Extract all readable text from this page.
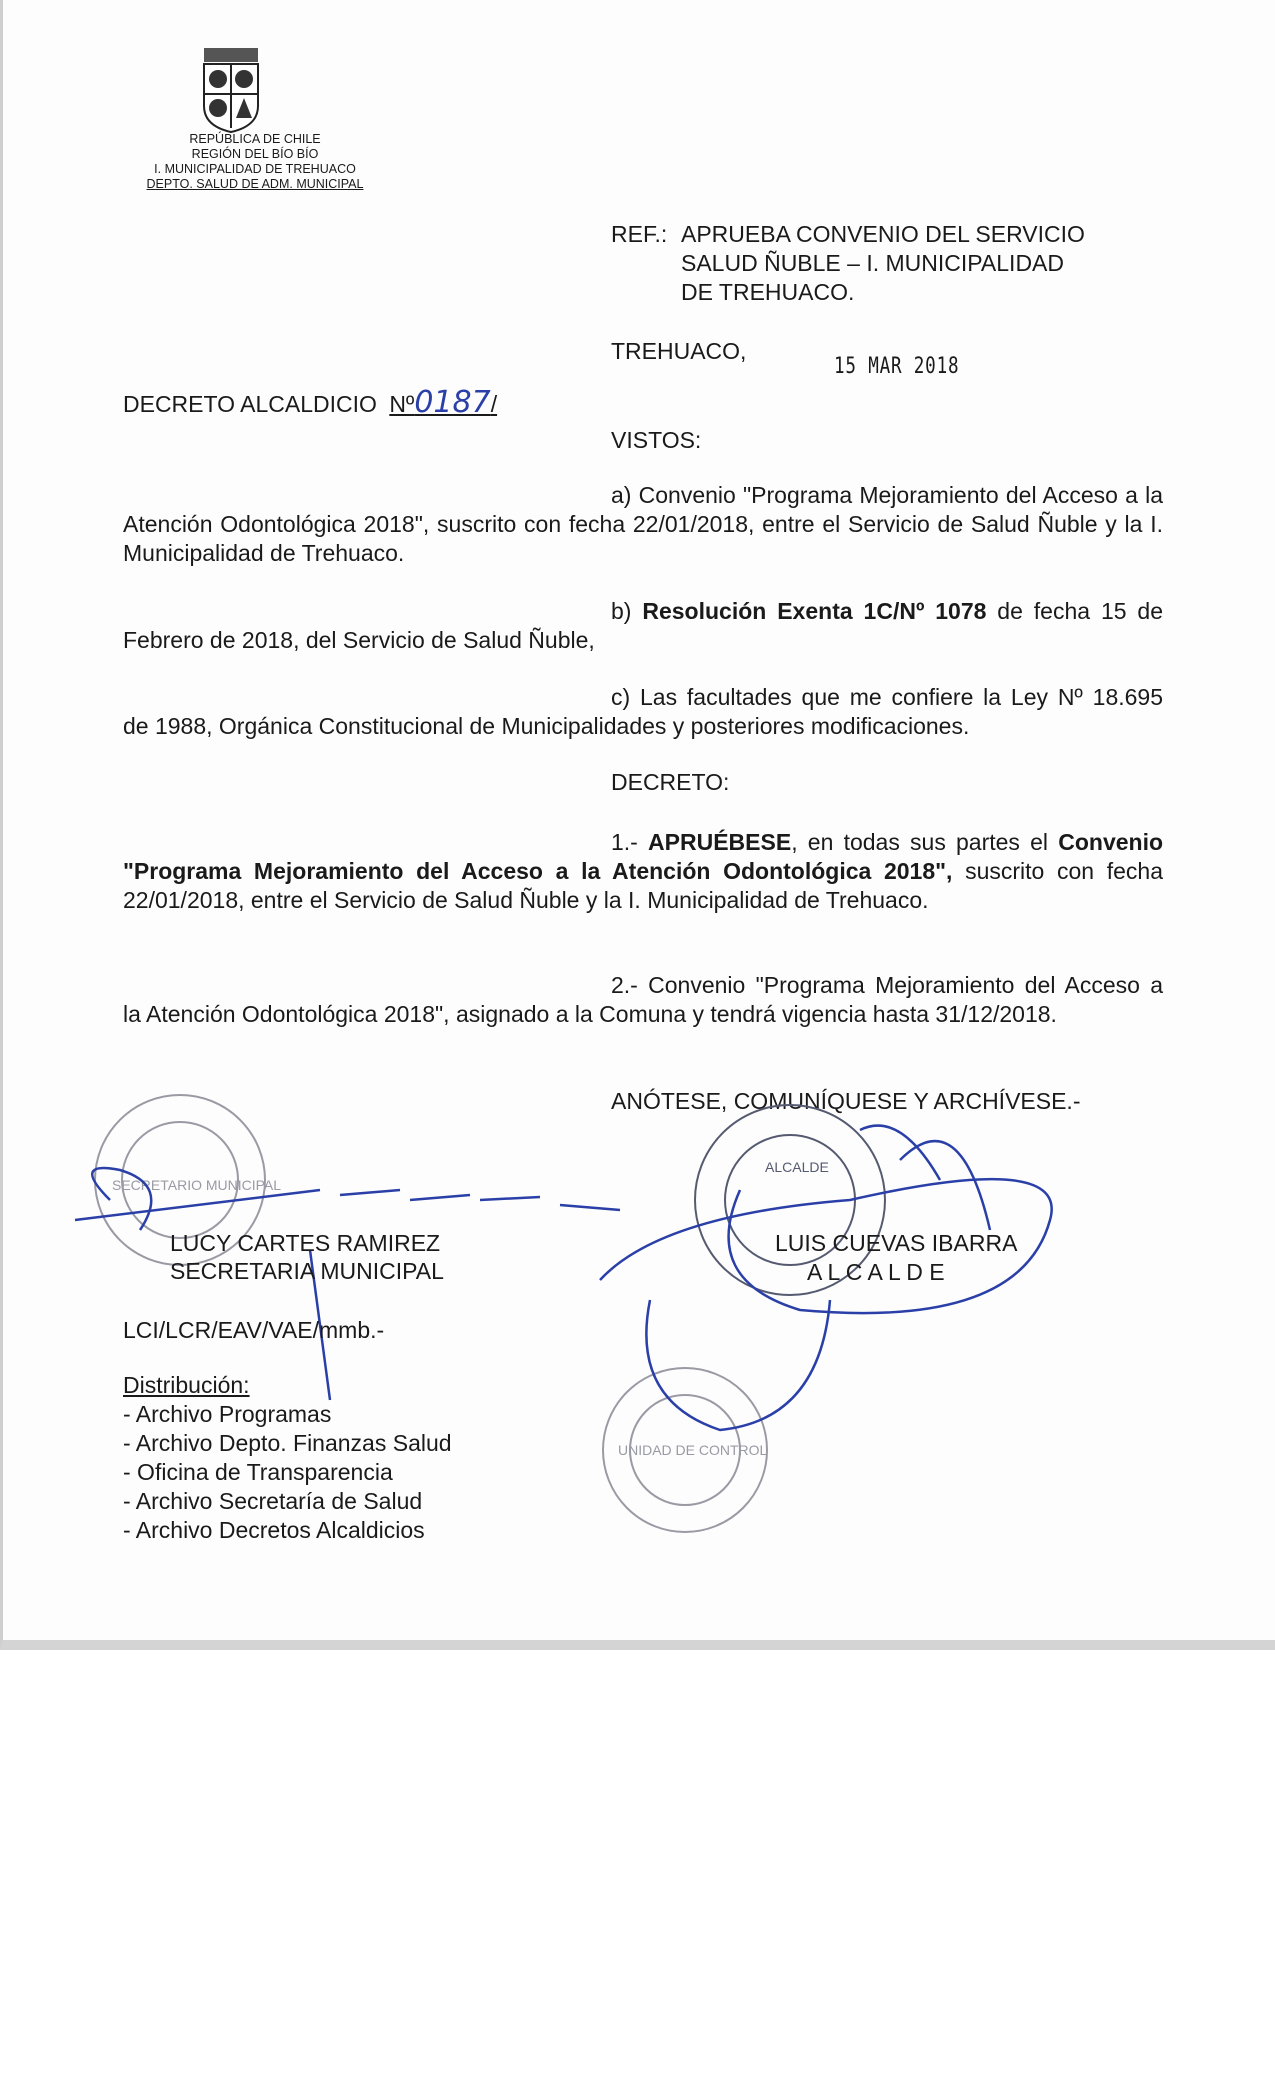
REPÚBLICA DE CHILE
REGIÓN DEL BÍO BÍO
I. MUNICIPALIDAD DE TREHUACO
DEPTO. SALUD DE ADM. MUNICIPAL
REF.: APRUEBA CONVENIO DEL SERVICIO
SALUD ÑUBLE – I. MUNICIPALIDAD
DE TREHUACO.
TREHUACO,
15 MAR 2018
DECRETO ALCALDICIO Nº0187/
VISTOS:
a) Convenio "Programa Mejoramiento del Acceso a la Atención Odontológica 2018", suscrito con fecha 22/01/2018, entre el Servicio de Salud Ñuble y la I. Municipalidad de Trehuaco.
b) Resolución Exenta 1C/Nº 1078 de fecha 15 de Febrero de 2018, del Servicio de Salud Ñuble,
c) Las facultades que me confiere la Ley Nº 18.695 de 1988, Orgánica Constitucional de Municipalidades y posteriores modificaciones.
DECRETO:
1.- APRUÉBESE, en todas sus partes el Convenio "Programa Mejoramiento del Acceso a la Atención Odontológica 2018", suscrito con fecha 22/01/2018, entre el Servicio de Salud Ñuble y la I. Municipalidad de Trehuaco.
2.- Convenio "Programa Mejoramiento del Acceso a la Atención Odontológica 2018", asignado a la Comuna y tendrá vigencia hasta 31/12/2018.
ANÓTESE, COMUNÍQUESE Y ARCHÍVESE.-
SECRETARIO MUNICIPAL
ALCALDE
UNIDAD DE CONTROL
LUCY CARTES RAMIREZ
SECRETARIA MUNICIPAL
LUIS CUEVAS IBARRA
A L C A L D E
LCI/LCR/EAV/VAE/mmb.-
Distribución:
- Archivo Programas
- Archivo Depto. Finanzas Salud
- Oficina de Transparencia
- Archivo Secretaría de Salud
- Archivo Decretos Alcaldicios
